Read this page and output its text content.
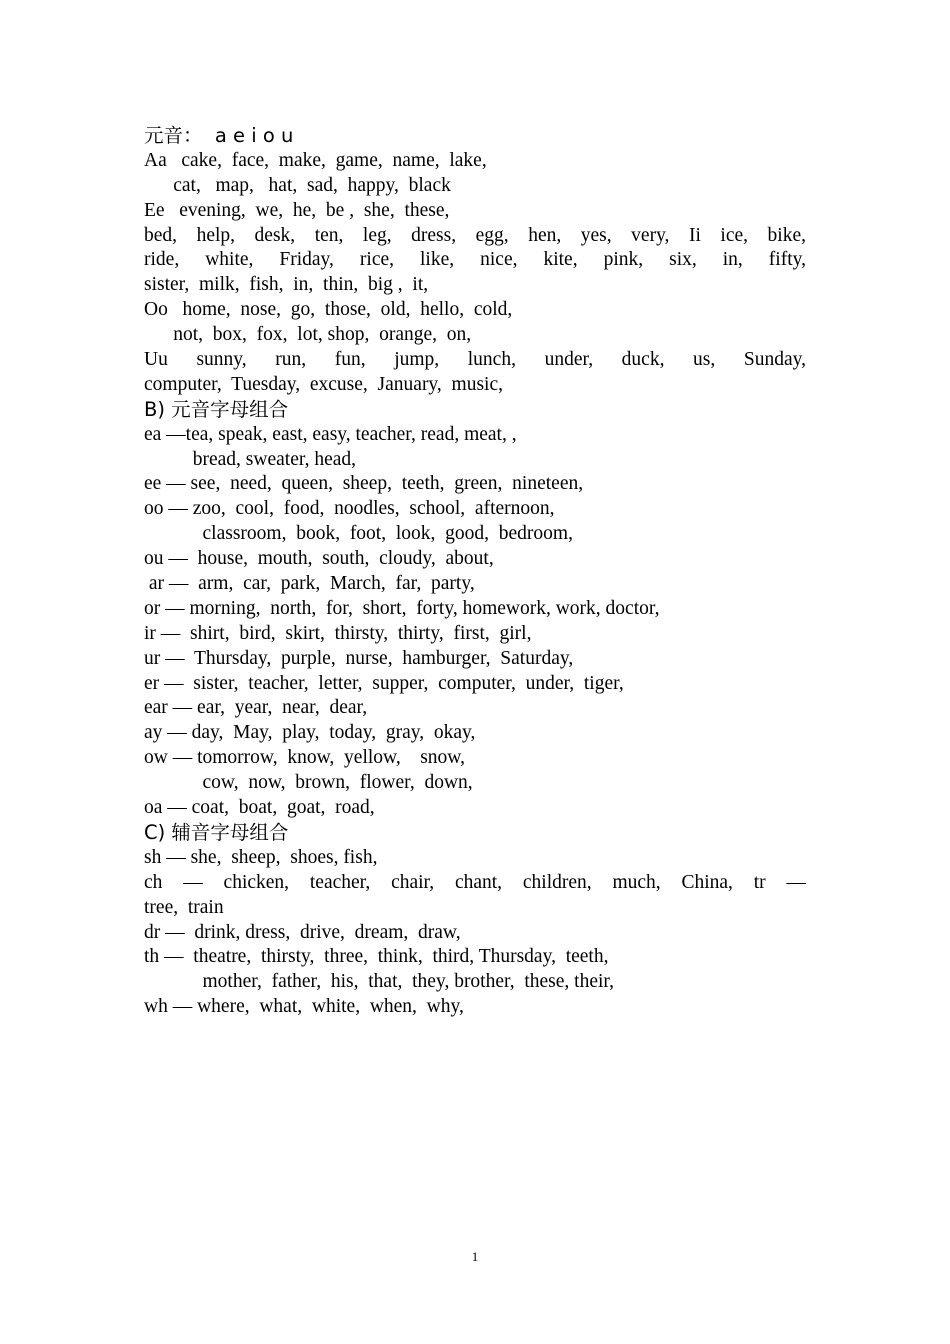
元音：  a e i o u
Aa   cake,  face,  make,  game,  name,  lake,
cat,   map,   hat,  sad,  happy,  black
Ee   evening,  we,  he,  be ,  she,  these,
bed, help, desk, ten, leg, dress, egg, hen, yes, very, Ii ice, bike,
ride, white, Friday, rice, like, nice, kite, pink, six, in, fifty,
sister,  milk,  fish,  in,  thin,  big ,  it,
Oo   home,  nose,  go,  those,  old,  hello,  cold,
not,  box,  fox,  lot, shop,  orange,  on,
Uu sunny, run, fun, jump, lunch, under, duck, us, Sunday,
computer,  Tuesday,  excuse,  January,  music,
B) 元音字母组合
ea —tea, speak, east, easy, teacher, read, meat, ,
bread, sweater, head,
ee — see,  need,  queen,  sheep,  teeth,  green,  nineteen,
oo — zoo,  cool,  food,  noodles,  school,  afternoon,
classroom,  book,  foot,  look,  good,  bedroom,
ou —  house,  mouth,  south,  cloudy,  about,
ar —  arm,  car,  park,  March,  far,  party,
or — morning,  north,  for,  short,  forty, homework, work, doctor,
ir —  shirt,  bird,  skirt,  thirsty,  thirty,  first,  girl,
ur —  Thursday,  purple,  nurse,  hamburger,  Saturday,
er —  sister,  teacher,  letter,  supper,  computer,  under,  tiger,
ear — ear,  year,  near,  dear,
ay — day,  May,  play,  today,  gray,  okay,
ow — tomorrow,  know,  yellow,    snow,
cow,  now,  brown,  flower,  down,
oa — coat,  boat,  goat,  road,
C) 辅音字母组合
sh — she,  sheep,  shoes, fish,
ch — chicken, teacher, chair, chant, children, much, China, tr —
tree,  train
dr —  drink, dress,  drive,  dream,  draw,
th —  theatre,  thirsty,  three,  think,  third, Thursday,  teeth,
mother,  father,  his,  that,  they, brother,  these, their,
wh — where,  what,  white,  when,  why,
1
